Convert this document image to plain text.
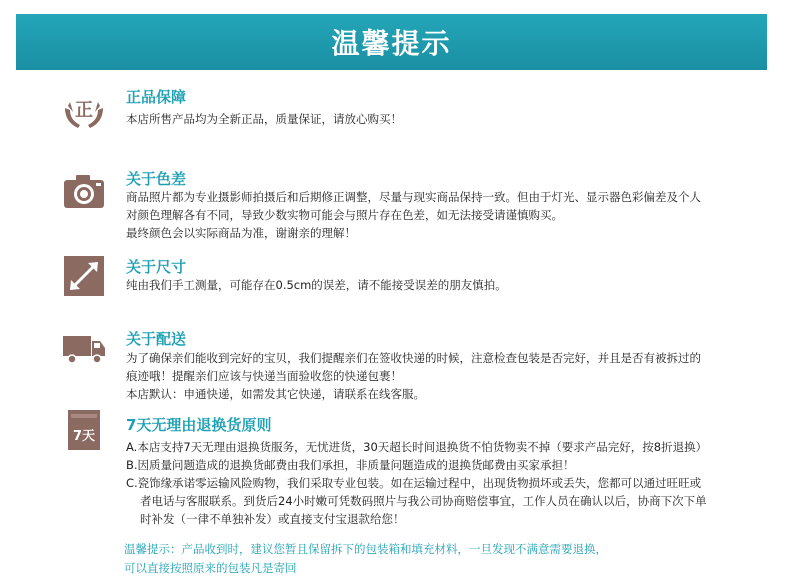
温馨提示
正
正品保障

本店所售产品均为全新正品，质量保证，请放心购买！

关于色差

商品照片都为专业摄影师拍摄后和后期修正调整，尽量与现实商品保持一致。但由于灯光、显示器色彩偏差及个人

对颜色理解各有不同，导致少数实物可能会与照片存在色差，如无法接受请谨慎购买。

最终颜色会以实际商品为准，谢谢亲的理解！

关于尺寸

纯由我们手工测量，可能存在0.5cm的误差，请不能接受误差的朋友慎拍。

关于配送

为了确保亲们能收到完好的宝贝，我们提醒亲们在签收快递的时候，注意检查包装是否完好，并且是否有被拆过的

痕迹哦！提醒亲们应该与快递当面验收您的快递包裹！

本店默认：申通快递，如需发其它快递，请联系在线客服。

7天
7天无理由退换货原则

A.本店支持7天无理由退换货服务，无忧进货，30天超长时间退换货不怕货物卖不掉（要求产品完好，按8折退换）

B.因质量问题造成的退换货邮费由我们承担，非质量问题造成的退换货邮费由买家承担！

C.瓷饰缘承诺零运输风险购物，我们采取专业包装。如在运输过程中，出现货物损坏或丢失，您都可以通过旺旺或

者电话与客服联系。到货后24小时嫩可凭数码照片与我公司协商赔偿事宜，工作人员在确认以后，协商下次下单

时补发（一律不单独补发）或直接支付宝退款给您！

温馨提示：产品收到时，建议您暂且保留拆下的包装箱和填充材料，一旦发现不满意需要退换，

可以直接按照原来的包装凡是寄回
